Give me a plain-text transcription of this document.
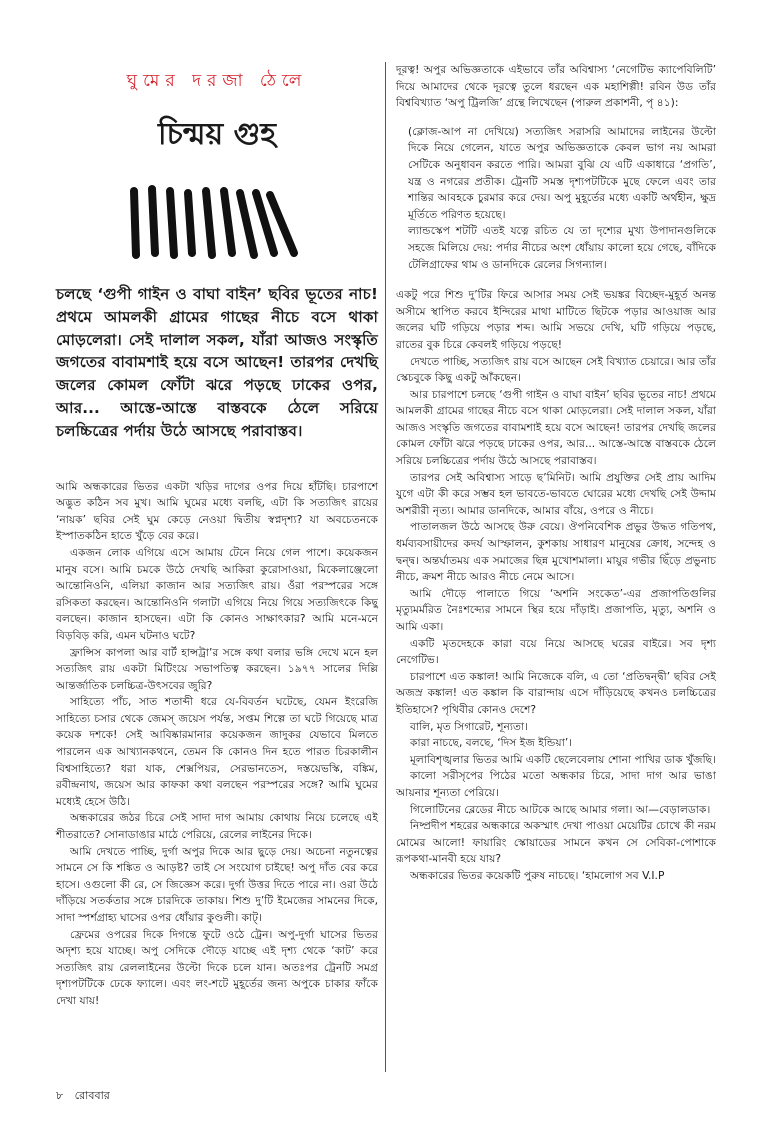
ঘুমের দরজা ঠেলে
চিন্ময় গুহ
চলছে ‘গুপী গাইন ও বাঘা বাইন’ ছবির ভূতের নাচ! প্রথমে আমলকী গ্রামের গাছের নীচে বসে থাকা মোড়লেরা। সেই দালাল সকল, যাঁরা আজও সংস্কৃতি জগতের বাবামশাই হয়ে বসে আছেন! তারপর দেখছি জলের কোমল ফোঁটা ঝরে পড়ছে ঢাকের ওপর, আর... আস্তে-আস্তে বাস্তবকে ঠেলে সরিয়ে চলচ্চিত্রের পর্দায় উঠে আসছে পরাবাস্তব।

আমি অন্ধকারের ভিতর একটা খড়ির দাগের ওপর দিয়ে হাঁটছি। চারপাশে অদ্ভুত কঠিন সব মুখ। আমি ঘুমের মধ্যে বলছি, এটা কি সত্যজিৎ রায়ের ‘নায়ক’ ছবির সেই ঘুম কেড়ে নেওয়া দ্বিতীয় স্বপ্নদৃশ্য? যা অবচেতনকে ইস্পাতকঠিন হাতে খুঁড়ে বের করে।

একজন লোক এগিয়ে এসে আমায় টেনে নিয়ে গেল পাশে। কয়েকজন মানুষ বসে। আমি চমকে উঠে দেখছি আকিরা কুরোসাওয়া, মিকেলাঞ্জেলো আন্তোনিওনি, এলিয়া কাজান আর সত্যজিৎ রায়। ওঁরা পরস্পরের সঙ্গে রসিকতা করছেন। আন্তোনিওনি গলাটা এগিয়ে নিয়ে গিয়ে সত্যজিৎকে কিছু বলছেন। কাজান হাসছেন। এটা কি কোনও সাক্ষাৎকার? আমি মনে-মনে বিড়বিড় করি, এমন ঘটনাও ঘটে?

ফ্রান্সিস কাপলা আর বার্ট হান্সট্রা’র সঙ্গে কথা বলার ভঙ্গি দেখে মনে হল সত্যজিৎ রায় একটা মিটিংয়ে সভাপতিত্ব করছেন। ১৯৭৭ সালের দিল্লি আন্তর্জাতিক চলচ্চিত্র-উৎসবের জুরি?

সাহিত্যে পাঁচ, সাত শতাব্দী ধরে যে-বিবর্তন ঘটেছে, যেমন ইংরেজি সাহিত্যে চসার থেকে জেমস্ জয়েস পর্যন্ত, সপ্তম শিল্পে তা ঘটে গিয়েছে মাত্র কয়েক দশকে! সেই আবিষ্কারমানার কয়েকজন জাদুকর যেভাবে মিলতে পারলেন এক আখ্যানকথনে, তেমন কি কোনও দিন হতে পারত চিরকালীন বিশ্বসাহিত্যে? ধরা যাক, শেক্সপিয়র, সেরভানতেস, দস্তয়েভস্কি, বঙ্কিম, রবীন্দ্রনাথ, জয়েস আর কাফকা কথা বলছেন পরস্পরের সঙ্গে? আমি ঘুমের মধ্যেই হেসে উঠি।

অন্ধকারের জঠর চিরে সেই সাদা দাগ আমায় কোথায় নিয়ে চলেছে এই শীতরাতে? সোনাডাঙার মাঠে পেরিয়ে, রেলের লাইনের দিকে।

আমি দেখতে পাচ্ছি, দুর্গা অপুর দিকে আর ছুড়ে দেয়। অচেনা নতুনত্বের সামনে সে কি শঙ্কিত ও আড়ষ্ট? তাই সে সংযোগ চাইছে! অপু দাঁত বের করে হাসে। ওগুলো কী রে, সে জিজ্ঞেস করে। দুর্গা উত্তর দিতে পারে না। ওরা উঠে দাঁড়িয়ে সতর্কতার সঙ্গে চারদিকে তাকায়। শিশু দু’টি ইমেজের সামনের দিকে, সাদা স্পর্শগ্রাহ্য ঘাসের ওপর ধোঁয়ার কুণ্ডলী। কাট্।

ফ্রেমের ওপরের দিকে দিগন্তে ফুটে ওঠে ট্রেন। অপু-দুর্গা ঘাসের ভিতর অদৃশ্য হয়ে যাচ্ছে। অপু সেদিকে দৌড়ে যাচ্ছে এই দৃশ্য থেকে ‘কাট’ করে সত্যজিৎ রায় রেললাইনের উল্টো দিকে চলে যান। অতঃপর ট্রেনটি সমগ্র দৃশ্যপটটিকে ঢেকে ফ্যালে। এবং লং-শটে মুহূর্তের জন্য অপুকে চাকার ফাঁকে দেখা যায়!

দূরত্ব! অপুর অভিজ্ঞতাকে এইভাবে তাঁর অবিশ্বাস্য ‘নেগেটিভ ক্যাপেবিলিটি’ দিয়ে আমাদের থেকে দূরত্বে তুলে ধরছেন এক মহাশিল্পী! রবিন উড তাঁর বিশ্ববিখ্যাত ‘অপু ট্রিলজি’ গ্রন্থে লিখেছেন (পারুল প্রকাশনী, পৃ ৪১):

(ক্লোজ-আপ না দেখিয়ে) সত্যজিৎ সরাসরি আমাদের লাইনের উল্টো দিকে নিয়ে গেলেন, যাতে অপুর অভিজ্ঞতাকে কেবল ভাগ নয় আমরা সেটিকে অনুধাবন করতে পারি। আমরা বুঝি যে এটি একাধারে ‘প্রগতি’, যন্ত্র ও নগরের প্রতীক। ট্রেনটি সমস্ত দৃশ্যপটটিকে মুছে ফেলে এবং তার শান্তির আবহকে চুরমার করে দেয়। অপু মুহূর্তের মধ্যে একটি অর্থহীন, ক্ষুদ্র মূর্তিতে পরিণত হয়েছে।

ল্যান্ডস্কেপ শটটি এতই যত্নে রচিত যে তা দৃশ্যের মুখ্য উপাদানগুলিকে সহজে মিলিয়ে দেয়: পর্দার নীচের অংশ ধোঁয়ায় কালো হয়ে গেছে, বাঁদিকে টেলিগ্রাফের থাম ও ডানদিকে রেলের সিগন্যাল।

একটু পরে শিশু দু’টির ফিরে আসার সময় সেই ভয়ঙ্কর বিচ্ছেদ-মুহূর্ত অনন্ত অসীমে স্থাপিত করবে ইন্দিরের মাথা মাটিতে ছিটকে পড়ার আওয়াজ আর জলের ঘটি গড়িয়ে পড়ার শব্দ। আমি সভয়ে দেখি, ঘটি গড়িয়ে পড়ছে, রাতের বুক চিরে কেবলই গড়িয়ে পড়ছে!

দেখতে পাচ্ছি, সত্যজিৎ রায় বসে আছেন সেই বিখ্যাত চেয়ারে। আর তাঁর স্কেচবুকে কিছু একটু আঁকছেন।

আর চারপাশে চলছে ‘গুপী গাইন ও বাঘা বাইন’ ছবির ভূতের নাচ! প্রথমে আমলকী গ্রামের গাছের নীচে বসে থাকা মোড়লেরা। সেই দালাল সকল, যাঁরা আজও সংস্কৃতি জগতের বাবামশাই হয়ে বসে আছেন! তারপর দেখছি জলের কোমল ফোঁটা ঝরে পড়ছে ঢাকের ওপর, আর... আস্তে-আস্তে বাস্তবকে ঠেলে সরিয়ে চলচ্চিত্রের পর্দায় উঠে আসছে পরাবাস্তব।

তারপর সেই অবিশ্বাস্য সাড়ে ছ’মিনিট। আমি প্রযুক্তির সেই প্রায় আদিম যুগে এটা কী করে সম্ভব হল ভাবতে-ভাবতে ঘোরের মধ্যে দেখছি সেই উদ্দাম অশরীরী নৃত্য। আমার ডানদিকে, আমার বাঁয়ে, ওপরে ও নীচে।

পাতালজল উঠে আসছে উরু বেয়ে। ঔপনিবেশিক প্রভুর উদ্ধত গতিপথ, ধর্মব্যবসায়ীদের কদর্য আস্ফালন, কুশকায় সাধারণ মানুষের ক্রোধ, সন্দেহ ও দ্বন্দ্ব। অন্তর্ঘাতময় এক সমাজের ছিন্ন মুখোশমালা। মায়ুর গভীর ছিঁড়ে প্রভুনাচ নীচে, ক্রমশ নীচে আরও নীচে নেমে আসে।

আমি দৌড়ে পালাতে গিয়ে ‘অশনি সংকেত’-এর প্রজাপতিগুলির মৃত্যুমর্মরিত নৈঃশব্দ্যের সামনে স্থির হয়ে দাঁড়াই। প্রজাপতি, মৃত্যু, অশনি ও আমি একা।

একটি মৃতদেহকে কারা বয়ে নিয়ে আসছে ঘরের বাইরে। সব দৃশ্য নেগেটিভ।

চারপাশে এত কঙ্কাল! আমি নিজেকে বলি, এ তো ‘প্রতিদ্বন্দ্বী’ ছবির সেই অজস্র কঙ্কাল! এত কঙ্কাল কি বারান্দায় এসে দাঁড়িয়েছে কখনও চলচ্চিত্রের ইতিহাসে? পৃথিবীর কোনও দেশে?

বালি, মৃত সিগারেট, শূন্যতা।

কারা নাচছে, বলছে, ‘দিস ইজ ইন্ডিয়া’।

মূলাবিশৃঙ্খলার ভিতর আমি একটি ছেলেবেলায় শোনা পাখির ডাক খুঁজছি।

কালো সরীসৃপের পিঠের মতো অন্ধকার চিরে, সাদা দাগ আর ভাঙা আয়নার শূন্যতা পেরিয়ে।

গিলোটিনের ব্লেডের নীচে আটকে আছে আমার গলা। আ—বেড়ালডাক।

নিষ্প্রদীপ শহরের অন্ধকারে অকস্মাৎ দেখা পাওয়া মেয়েটির চোখে কী নরম মোমের আলো! ফায়ারিং স্কোয়াডের সামনে কখন সে সেবিকা-পোশাকে রূপকথা-মানবী হয়ে যায়?

অন্ধকারের ভিতর কয়েকটি পুরুষ নাচছে। ‘হামলোগ সব V.I.P

৮ রোববার
